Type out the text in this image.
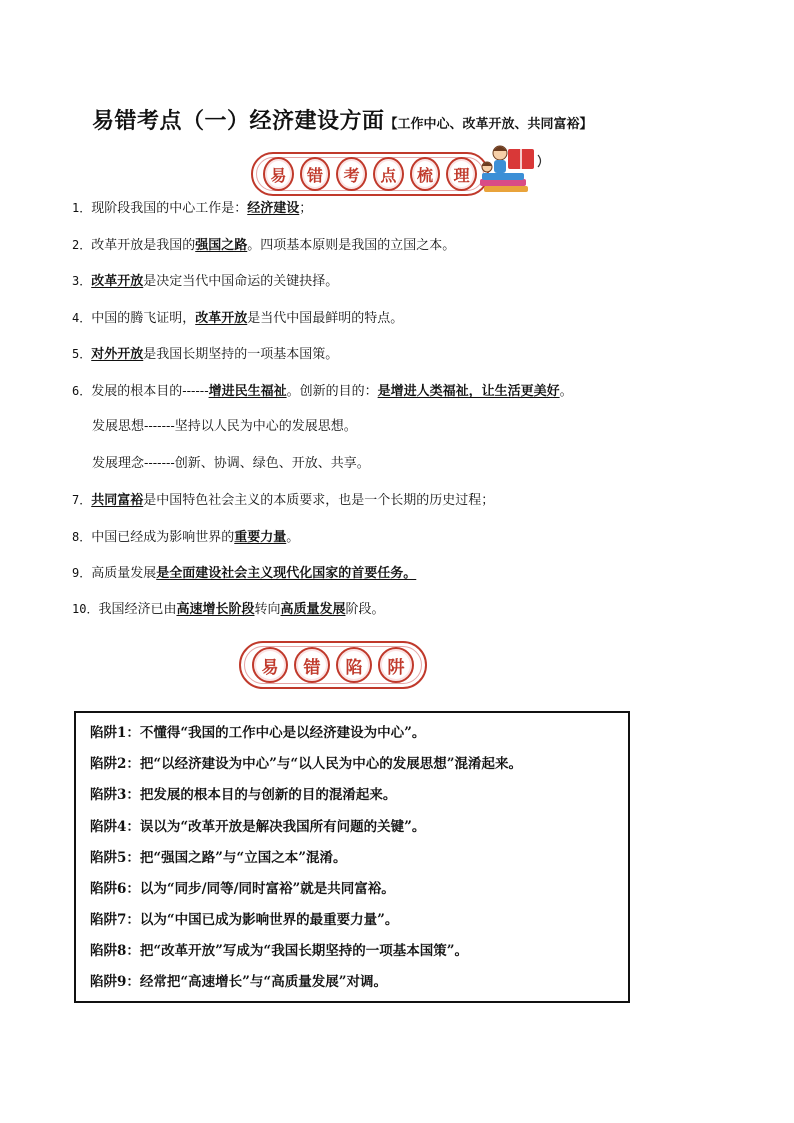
易错考点（一）经济建设方面【工作中心、改革开放、共同富裕】
易	错	考	点	梳	理
1．现阶段我国的中心工作是：经济建设；
2．改革开放是我国的强国之路。四项基本原则是我国的立国之本。
3．改革开放是决定当代中国命运的关键抉择。
4．中国的腾飞证明，改革开放是当代中国最鲜明的特点。
5．对外开放是我国长期坚持的一项基本国策。
6．发展的根本目的------增进民生福祉。创新的目的：是增进人类福祉，让生活更美好。
发展思想-------坚持以人民为中心的发展思想。
发展理念-------创新、协调、绿色、开放、共享。
7．共同富裕是中国特色社会主义的本质要求，也是一个长期的历史过程；
8．中国已经成为影响世界的重要力量。
9．高质量发展是全面建设社会主义现代化国家的首要任务。
10．我国经济已由高速增长阶段转向高质量发展阶段。
易	错	陷	阱
陷阱1：不懂得“我国的工作中心是以经济建设为中心”。
陷阱2：把“以经济建设为中心”与“以人民为中心的发展思想”混淆起来。
陷阱3：把发展的根本目的与创新的目的混淆起来。
陷阱4：误以为“改革开放是解决我国所有问题的关键”。
陷阱5：把“强国之路”与“立国之本”混淆。
陷阱6：以为“同步/同等/同时富裕”就是共同富裕。
陷阱7：以为“中国已成为影响世界的最重要力量”。
陷阱8：把“改革开放”写成为“我国长期坚持的一项基本国策”。
陷阱9：经常把“高速增长”与“高质量发展”对调。
